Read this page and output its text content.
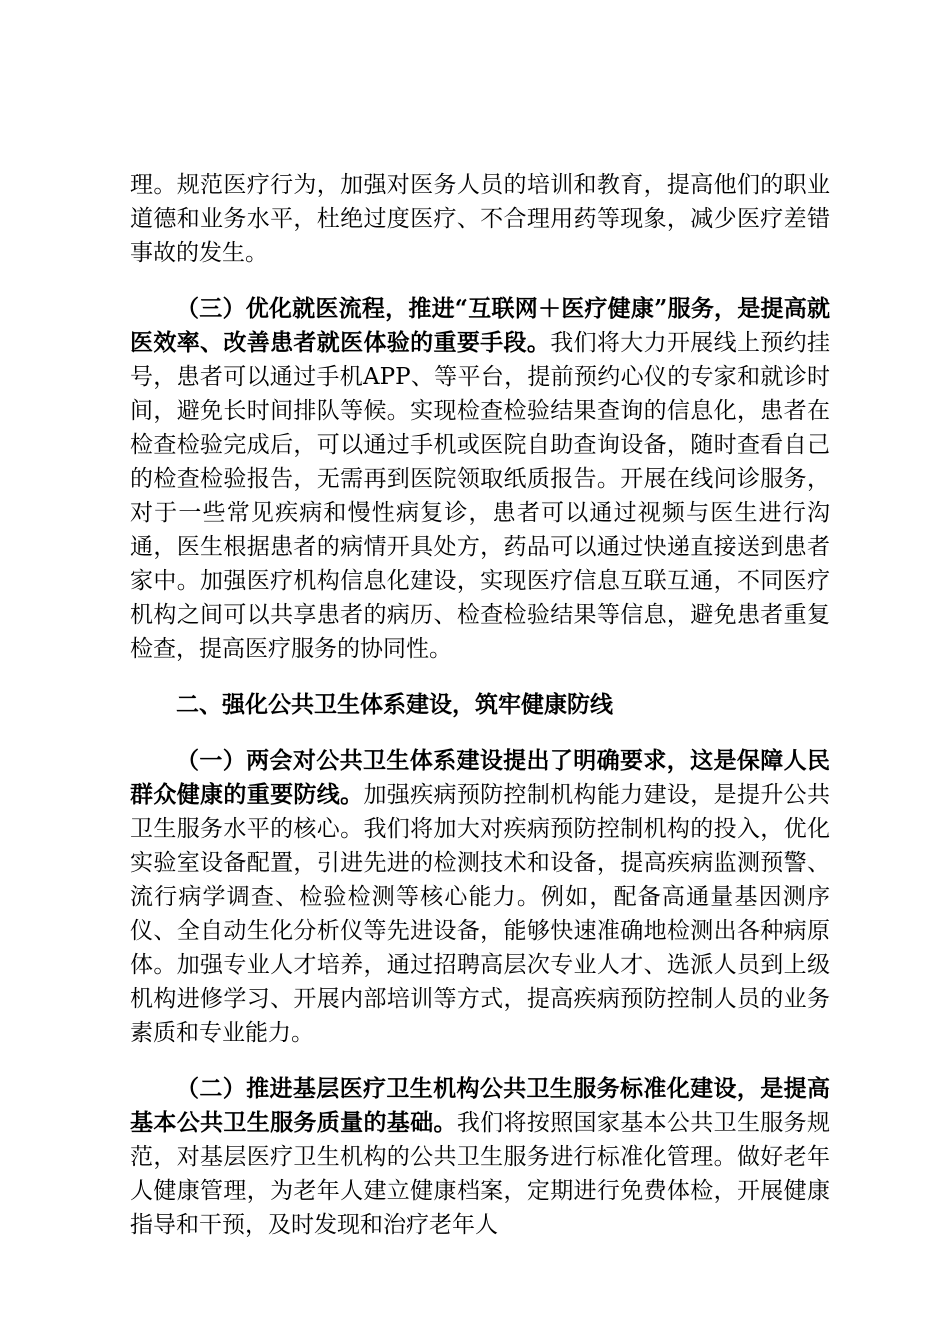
理。规范医疗行为，加强对医务人员的培训和教育，提高他们的职业道德和业务水平，杜绝过度医疗、不合理用药等现象，减少医疗差错事故的发生。

（三）优化就医流程，推进“互联网＋医疗健康”服务，是提高就医效率、改善患者就医体验的重要手段。我们将大力开展线上预约挂号，患者可以通过手机APP、等平台，提前预约心仪的专家和就诊时间，避免长时间排队等候。实现检查检验结果查询的信息化，患者在检查检验完成后，可以通过手机或医院自助查询设备，随时查看自己的检查检验报告，无需再到医院领取纸质报告。开展在线问诊服务，对于一些常见疾病和慢性病复诊，患者可以通过视频与医生进行沟通，医生根据患者的病情开具处方，药品可以通过快递直接送到患者家中。加强医疗机构信息化建设，实现医疗信息互联互通，不同医疗机构之间可以共享患者的病历、检查检验结果等信息，避免患者重复检查，提高医疗服务的协同性。

二、强化公共卫生体系建设，筑牢健康防线

（一）两会对公共卫生体系建设提出了明确要求，这是保障人民群众健康的重要防线。加强疾病预防控制机构能力建设，是提升公共卫生服务水平的核心。我们将加大对疾病预防控制机构的投入，优化实验室设备配置，引进先进的检测技术和设备，提高疾病监测预警、流行病学调查、检验检测等核心能力。例如，配备高通量基因测序仪、全自动生化分析仪等先进设备，能够快速准确地检测出各种病原体。加强专业人才培养，通过招聘高层次专业人才、选派人员到上级机构进修学习、开展内部培训等方式，提高疾病预防控制人员的业务素质和专业能力。

（二）推进基层医疗卫生机构公共卫生服务标准化建设，是提高基本公共卫生服务质量的基础。我们将按照国家基本公共卫生服务规范，对基层医疗卫生机构的公共卫生服务进行标准化管理。做好老年人健康管理，为老年人建立健康档案，定期进行免费体检，开展健康指导和干预，及时发现和治疗老年人
